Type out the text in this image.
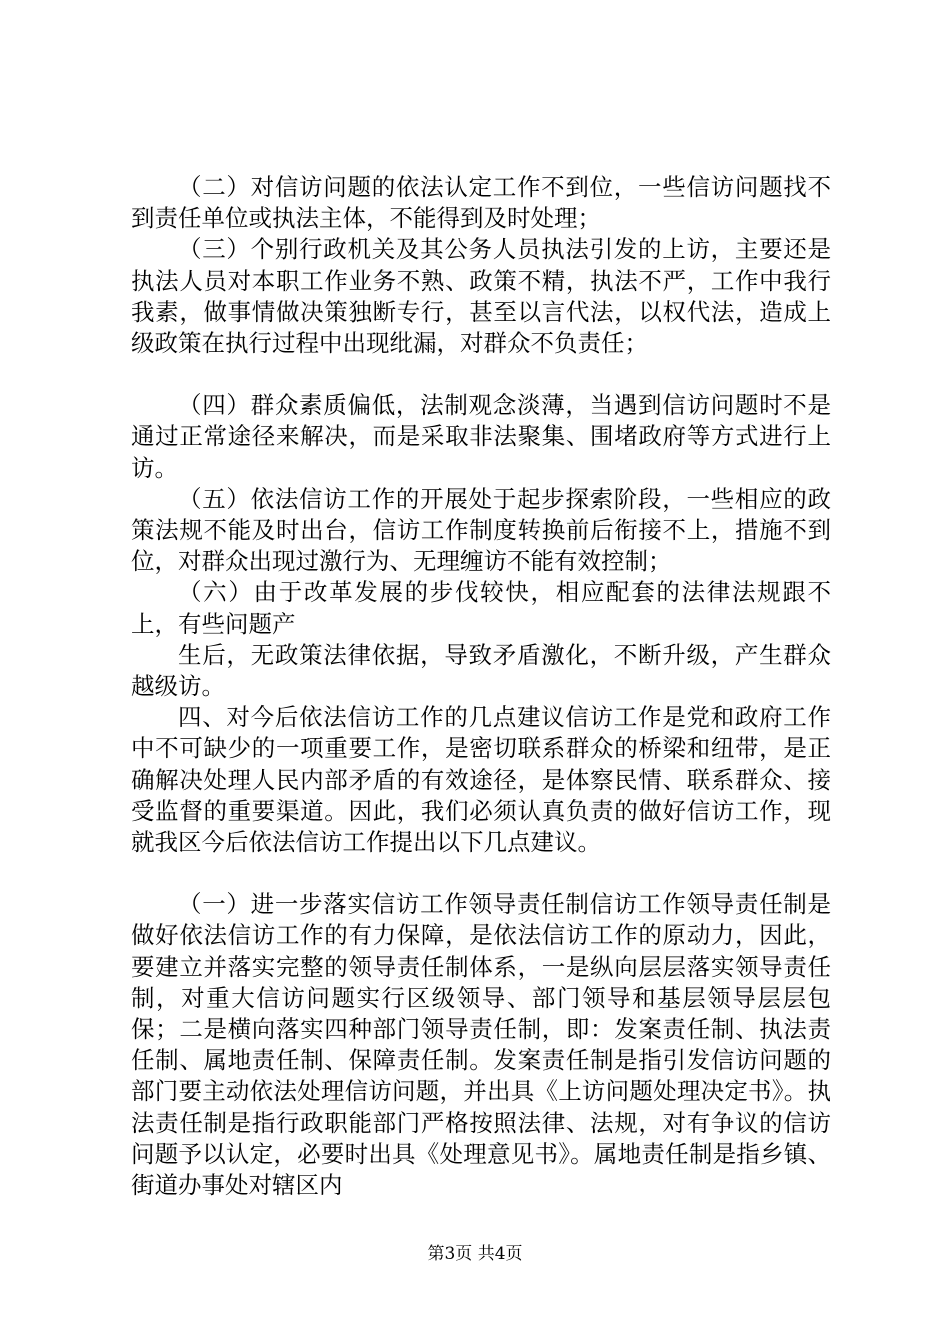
（二）对信访问题的依法认定工作不到位，一些信访问题找不到责任单位或执法主体，不能得到及时处理；

（三）个别行政机关及其公务人员执法引发的上访，主要还是执法人员对本职工作业务不熟、政策不精，执法不严，工作中我行我素，做事情做决策独断专行，甚至以言代法，以权代法，造成上级政策在执行过程中出现纰漏，对群众不负责任；

（四）群众素质偏低，法制观念淡薄，当遇到信访问题时不是通过正常途径来解决，而是采取非法聚集、围堵政府等方式进行上访。

（五）依法信访工作的开展处于起步探索阶段，一些相应的政策法规不能及时出台，信访工作制度转换前后衔接不上，措施不到位，对群众出现过激行为、无理缠访不能有效控制；

（六）由于改革发展的步伐较快，相应配套的法律法规跟不上，有些问题产

生后，无政策法律依据，导致矛盾激化，不断升级，产生群众越级访。

四、对今后依法信访工作的几点建议信访工作是党和政府工作中不可缺少的一项重要工作，是密切联系群众的桥梁和纽带，是正确解决处理人民内部矛盾的有效途径，是体察民情、联系群众、接受监督的重要渠道。因此，我们必须认真负责的做好信访工作，现就我区今后依法信访工作提出以下几点建议。

（一）进一步落实信访工作领导责任制信访工作领导责任制是做好依法信访工作的有力保障，是依法信访工作的原动力，因此，要建立并落实完整的领导责任制体系，一是纵向层层落实领导责任制，对重大信访问题实行区级领导、部门领导和基层领导层层包保；二是横向落实四种部门领导责任制，即：发案责任制、执法责任制、属地责任制、保障责任制。发案责任制是指引发信访问题的部门要主动依法处理信访问题，并出具《上访问题处理决定书》。执法责任制是指行政职能部门严格按照法律、法规，对有争议的信访问题予以认定，必要时出具《处理意见书》。属地责任制是指乡镇、街道办事处对辖区内

第3页 共4页
